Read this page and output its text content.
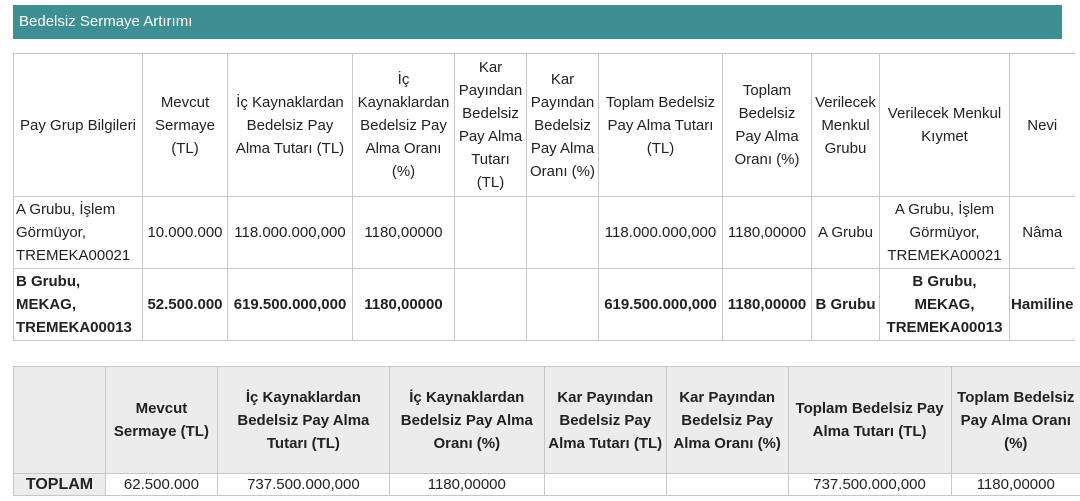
Bedelsiz Sermaye Artırımı
Pay Grup Bilgileri	Mevcut Sermaye (TL)	İç Kaynaklardan Bedelsiz Pay Alma Tutarı (TL)	İç Kaynaklardan Bedelsiz Pay Alma Oranı (%)	Kar Payından Bedelsiz Pay Alma Tutarı (TL)	Kar Payından Bedelsiz Pay Alma Oranı (%)	Toplam Bedelsiz Pay Alma Tutarı (TL)	Toplam Bedelsiz Pay Alma Oranı (%)	Verilecek Menkul Grubu	Verilecek Menkul Kıymet	Nevi
A Grubu, İşlem Görmüyor, TREMEKA00021	10.000.000	118.000.000,000	1180,00000			118.000.000,000	1180,00000	A Grubu	A Grubu, İşlem Görmüyor, TREMEKA00021	Nâma
B Grubu, MEKAG, TREMEKA00013	52.500.000	619.500.000,000	1180,00000			619.500.000,000	1180,00000	B Grubu	B Grubu, MEKAG, TREMEKA00013	Hamiline
	Mevcut Sermaye (TL)	İç Kaynaklardan Bedelsiz Pay Alma Tutarı (TL)	İç Kaynaklardan Bedelsiz Pay Alma Oranı (%)	Kar Payından Bedelsiz Pay Alma Tutarı (TL)	Kar Payından Bedelsiz Pay Alma Oranı (%)	Toplam Bedelsiz Pay Alma Tutarı (TL)	Toplam Bedelsiz Pay Alma Oranı (%)
TOPLAM	62.500.000	737.500.000,000	1180,00000			737.500.000,000	1180,00000
